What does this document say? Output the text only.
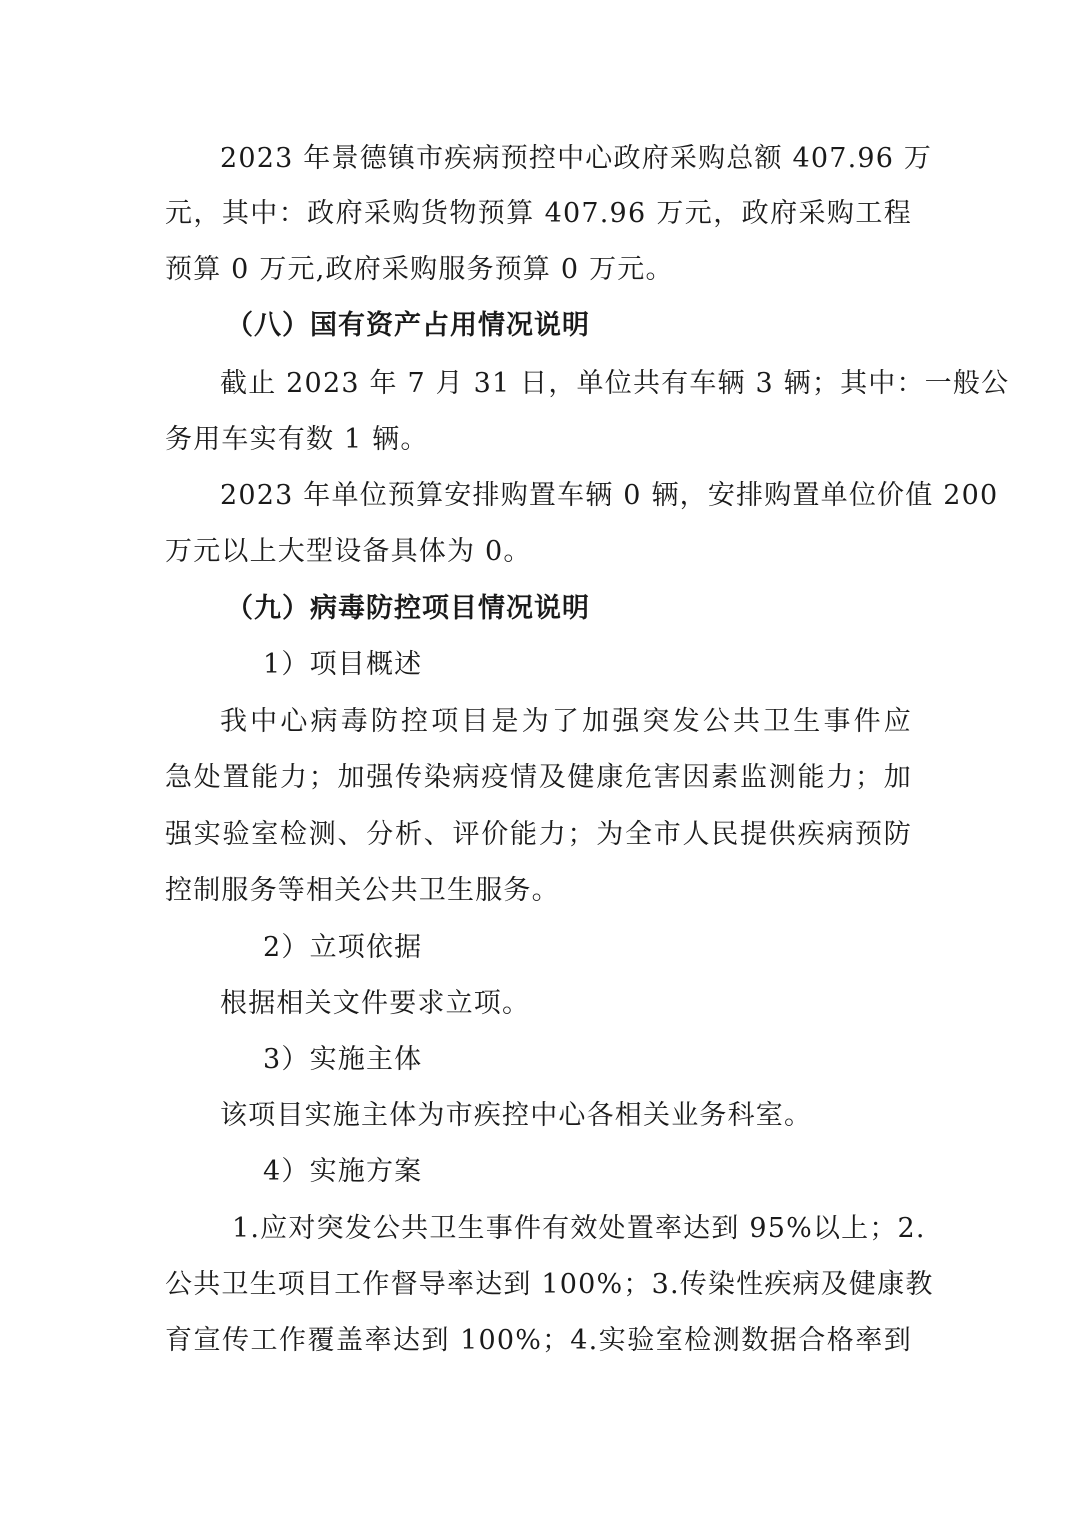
2023 年景德镇市疾病预控中心政府采购总额 407.96 万
元，其中：政府采购货物预算 407.96 万元，政府采购工程
预算 0 万元,政府采购服务预算 0 万元。
（八）国有资产占用情况说明
截止 2023 年 7 月 31 日，单位共有车辆 3 辆；其中：一般公
务用车实有数 1 辆。
2023 年单位预算安排购置车辆 0 辆，安排购置单位价值 200
万元以上大型设备具体为 0。
（九）病毒防控项目情况说明
1）项目概述
我中心病毒防控项目是为了加强突发公共卫生事件应
急处置能力；加强传染病疫情及健康危害因素监测能力；加
强实验室检测、分析、评价能力；为全市人民提供疾病预防
控制服务等相关公共卫生服务。
2）立项依据
根据相关文件要求立项。
3）实施主体
该项目实施主体为市疾控中心各相关业务科室。
4）实施方案
1.应对突发公共卫生事件有效处置率达到 95%以上；2.
公共卫生项目工作督导率达到 100%；3.传染性疾病及健康教
育宣传工作覆盖率达到 100%；4.实验室检测数据合格率到
